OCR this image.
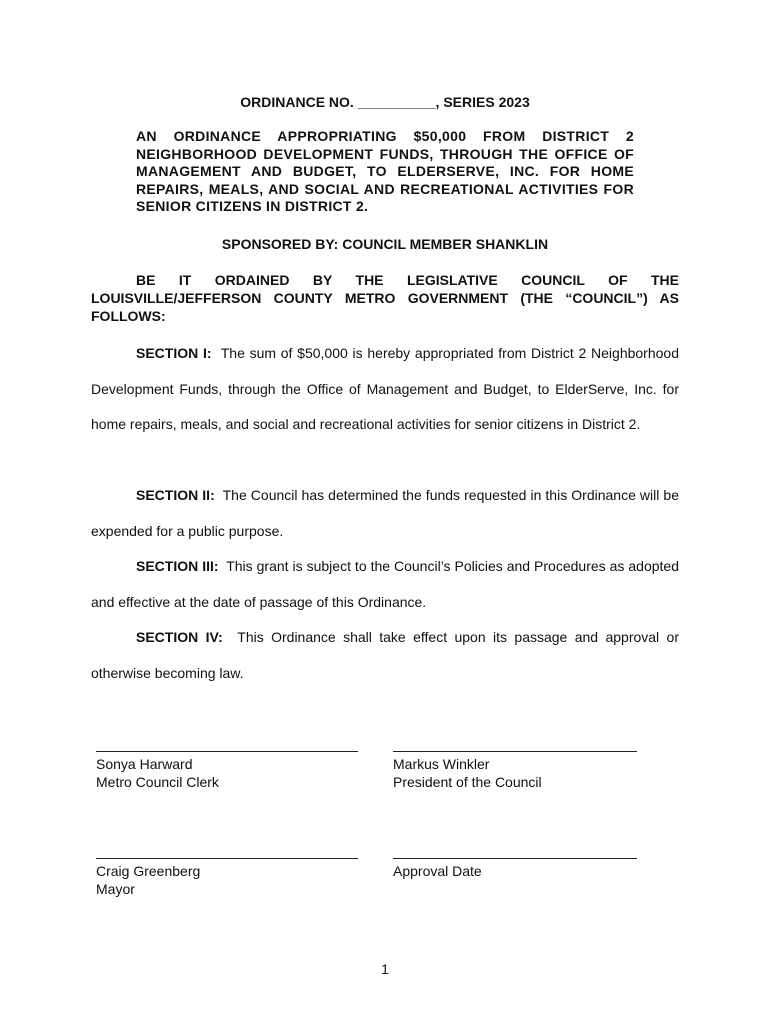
ORDINANCE NO. __________, SERIES 2023
AN ORDINANCE APPROPRIATING $50,000 FROM DISTRICT 2 NEIGHBORHOOD DEVELOPMENT FUNDS, THROUGH THE OFFICE OF MANAGEMENT AND BUDGET, TO ELDERSERVE, INC. FOR HOME REPAIRS, MEALS, AND SOCIAL AND RECREATIONAL ACTIVITIES FOR SENIOR CITIZENS IN DISTRICT 2.
SPONSORED BY: COUNCIL MEMBER SHANKLIN
BE IT ORDAINED BY THE LEGISLATIVE COUNCIL OF THE LOUISVILLE/JEFFERSON COUNTY METRO GOVERNMENT (THE “COUNCIL”) AS FOLLOWS:

SECTION I: The sum of $50,000 is hereby appropriated from District 2 Neighborhood Development Funds, through the Office of Management and Budget, to ElderServe, Inc. for home repairs, meals, and social and recreational activities for senior citizens in District 2.

SECTION II: The Council has determined the funds requested in this Ordinance will be expended for a public purpose.

SECTION III: This grant is subject to the Council’s Policies and Procedures as adopted and effective at the date of passage of this Ordinance.

SECTION IV: This Ordinance shall take effect upon its passage and approval or otherwise becoming law.

Sonya Harward
Metro Council Clerk
Markus Winkler
President of the Council
Craig Greenberg
Mayor
Approval Date
1
